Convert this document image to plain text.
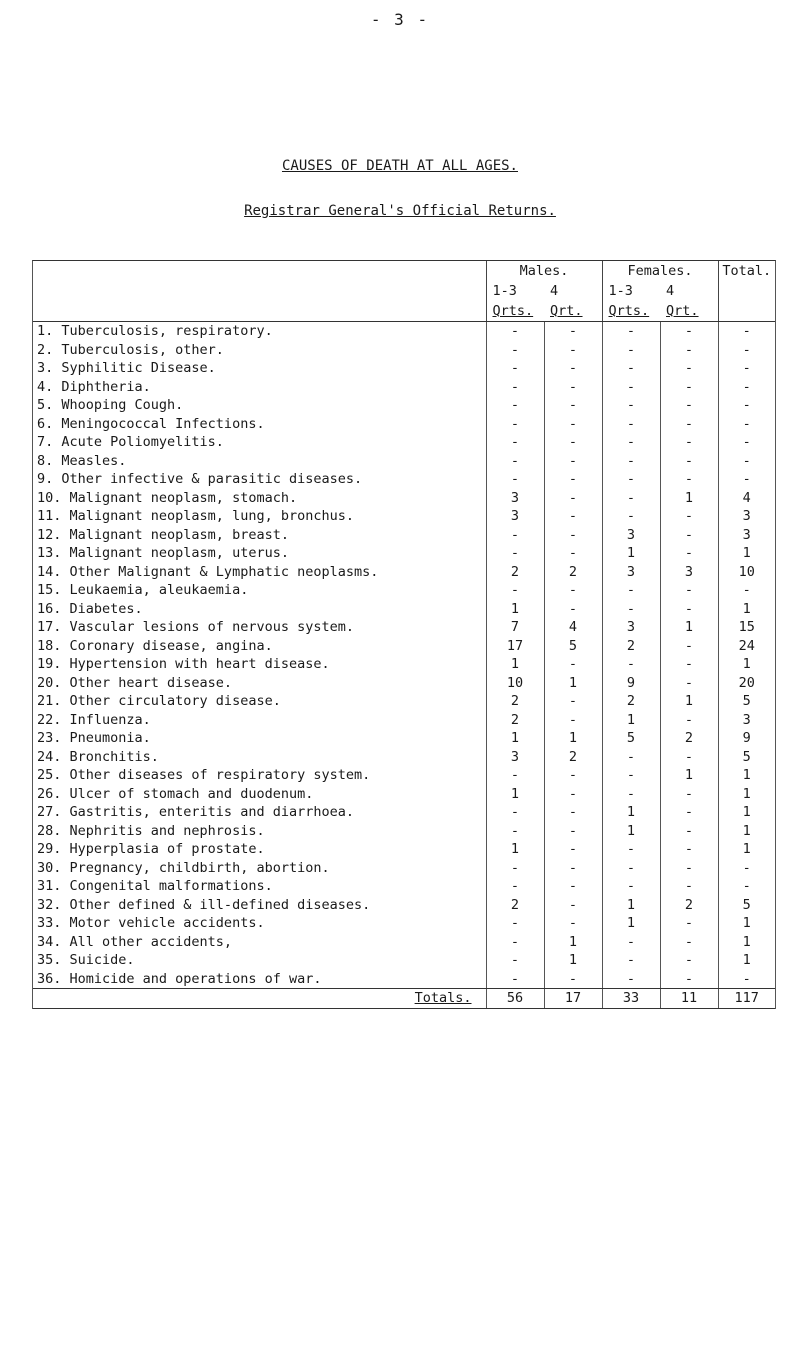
- 3 -
CAUSES OF DEATH AT ALL AGES.
Registrar General's Official Returns.
	Males.		Females.		Total.
	1-3	4	1-3	4	
	Qrts.	Qrt.	Qrts.	Qrt.	
1. Tuberculosis, respiratory.	-	-	-	-	-
2. Tuberculosis, other.	-	-	-	-	-
3. Syphilitic Disease.	-	-	-	-	-
4. Diphtheria.	-	-	-	-	-
5. Whooping Cough.	-	-	-	-	-
6. Meningococcal Infections.	-	-	-	-	-
7. Acute Poliomyelitis.	-	-	-	-	-
8. Measles.	-	-	-	-	-
9. Other infective & parasitic diseases.	-	-	-	-	-
10. Malignant neoplasm, stomach.	3	-	-	1	4
11. Malignant neoplasm, lung, bronchus.	3	-	-	-	3
12. Malignant neoplasm, breast.	-	-	3	-	3
13. Malignant neoplasm, uterus.	-	-	1	-	1
14. Other Malignant & Lymphatic neoplasms.	2	2	3	3	10
15. Leukaemia, aleukaemia.	-	-	-	-	-
16. Diabetes.	1	-	-	-	1
17. Vascular lesions of nervous system.	7	4	3	1	15
18. Coronary disease, angina.	17	5	2	-	24
19. Hypertension with heart disease.	1	-	-	-	1
20. Other heart disease.	10	1	9	-	20
21. Other circulatory disease.	2	-	2	1	5
22. Influenza.	2	-	1	-	3
23. Pneumonia.	1	1	5	2	9
24. Bronchitis.	3	2	-	-	5
25. Other diseases of respiratory system.	-	-	-	1	1
26. Ulcer of stomach and duodenum.	1	-	-	-	1
27. Gastritis, enteritis and diarrhoea.	-	-	1	-	1
28. Nephritis and nephrosis.	-	-	1	-	1
29. Hyperplasia of prostate.	1	-	-	-	1
30. Pregnancy, childbirth, abortion.	-	-	-	-	-
31. Congenital malformations.	-	-	-	-	-
32. Other defined & ill-defined diseases.	2	-	1	2	5
33. Motor vehicle accidents.	-	-	1	-	1
34. All other accidents,	-	1	-	-	1
35. Suicide.	-	1	-	-	1
36. Homicide and operations of war.	-	-	-	-	-
Totals.	56	17	33	11	117
